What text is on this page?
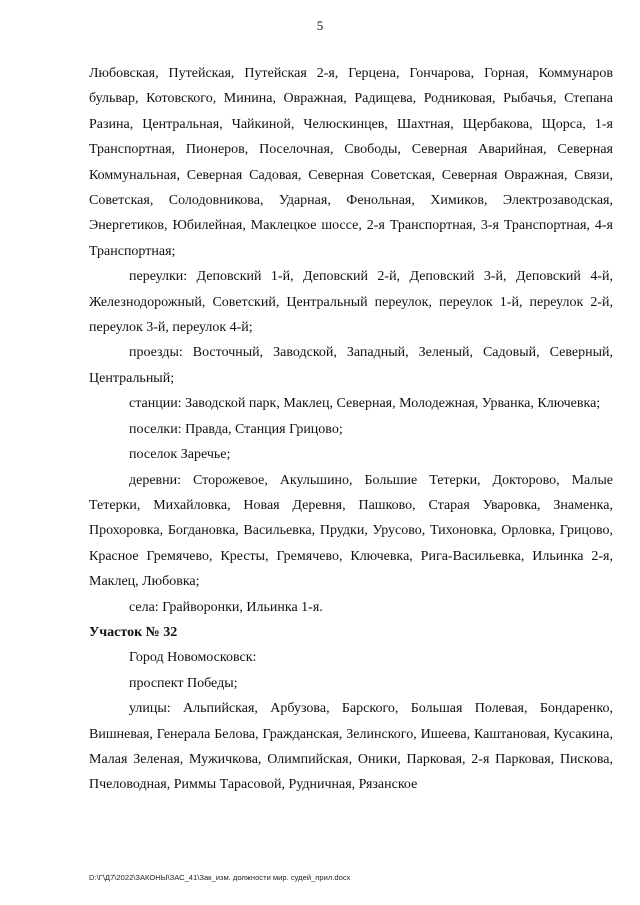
5

Любовская, Путейская, Путейская 2-я, Герцена, Гончарова, Горная, Коммунаров бульвар, Котовского, Минина, Овражная, Радищева, Родниковая, Рыбачья, Степана Разина, Центральная, Чайкиной, Челюскинцев, Шахтная, Щербакова, Щорса, 1-я Транспортная, Пионеров, Поселочная, Свободы, Северная Аварийная, Северная Коммунальная, Северная Садовая, Северная Советская, Северная Овражная, Связи, Советская, Солодовникова, Ударная, Фенольная, Химиков, Электрозаводская, Энергетиков, Юбилейная, Маклецкое шоссе, 2-я Транспортная, 3-я Транспортная, 4-я Транспортная;

переулки: Деповский 1-й, Деповский 2-й, Деповский 3-й, Деповский 4-й, Железнодорожный, Советский, Центральный переулок, переулок 1-й, переулок 2-й, переулок 3-й, переулок 4-й;

проезды: Восточный, Заводской, Западный, Зеленый, Садовый, Северный, Центральный;

станции: Заводской парк, Маклец, Северная, Молодежная, Урванка, Ключевка;

поселки: Правда, Станция Грицово;

поселок Заречье;

деревни: Сторожевое, Акульшино, Большие Тетерки, Докторово, Малые Тетерки, Михайловка, Новая Деревня, Пашково, Старая Уваровка, Знаменка, Прохоровка, Богдановка, Васильевка, Прудки, Урусово, Тихоновка, Орловка, Грицово, Красное Гремячево, Кресты, Гремячево, Ключевка, Рига-Васильевка, Ильинка 2-я, Маклец, Любовка;

села: Грайворонки, Ильинка 1-я.

Участок № 32

Город Новомосковск:

проспект Победы;

улицы: Альпийская, Арбузова, Барского, Большая Полевая, Бондаренко, Вишневая, Генерала Белова, Гражданская, Зелинского, Ишеева, Каштановая, Кусакина, Малая Зеленая, Мужичкова, Олимпийская, Оники, Парковая, 2-я Парковая, Пискова, Пчеловодная, Риммы Тарасовой, Рудничная, Рязанское

D:\Г\Д7\2022\ЗАКОНЫ\ЗАС_41\Зак_изм. должности мир. судей_прил.docx
